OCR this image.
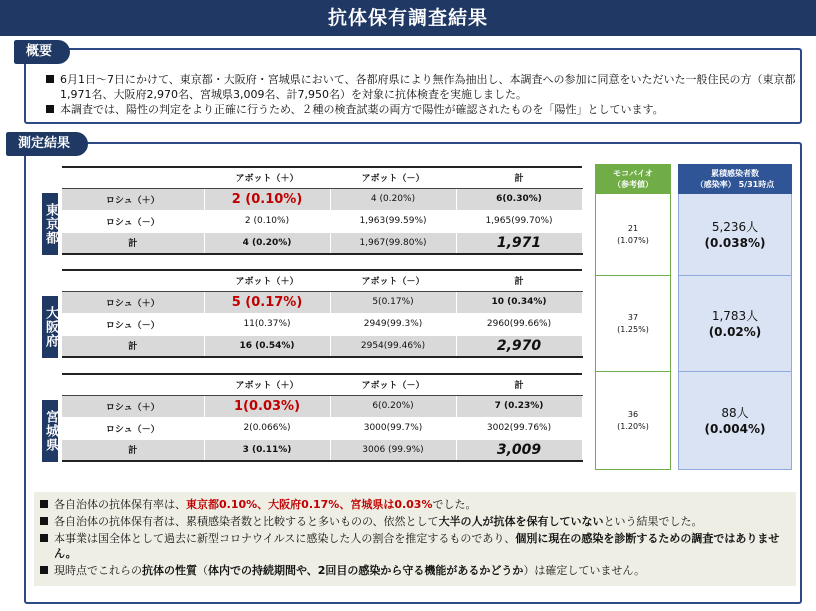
抗体保有調査結果
概要
6月1日～7日にかけて、東京都・大阪府・宮城県において、各都府県により無作為抽出し、本調査への参加に同意をいただいた一般住民の方（東京都1,971名、大阪府2,970名、宮城県3,009名、計7,950名）を対象に抗体検査を実施しました。
本調査では、陽性の判定をより正確に行うため、２種の検査試薬の両方で陽性が確認されたものを「陽性」としています。
測定結果
東京都
	アボット（＋）	アボット（－）	計
ロシュ（＋）	2 (0.10%)	4 (0.20%)	6(0.30%)
ロシュ（－）	2 (0.10%)	1,963(99.59%)	1,965(99.70%)
計	4 (0.20%)	1,967(99.80%)	1,971
大阪府
	アボット（＋）	アボット（－）	計
ロシュ（＋）	5 (0.17%)	5(0.17%)	10 (0.34%)
ロシュ（－）	11(0.37%)	2949(99.3%)	2960(99.66%)
計	16 (0.54%)	2954(99.46%)	2,970
宮城県
	アボット（＋）	アボット（－）	計
ロシュ（＋）	1(0.03%)	6(0.20%)	7 (0.23%)
ロシュ（－）	2(0.066%)	3000(99.7%)	3002(99.76%)
計	3 (0.11%)	3006 (99.9%)	3,009
モコバイオ
（参考値）
21
(1.07%)
37
(1.25%)
36
(1.20%)
累積感染者数
（感染率） 5/31時点
5,236人
(0.038%)
1,783人
(0.02%)
88人
(0.004%)
各自治体の抗体保有率は、東京都0.10%、大阪府0.17%、宮城県は0.03%でした。
各自治体の抗体保有者は、累積感染者数と比較すると多いものの、依然として大半の人が抗体を保有していないという結果でした。
本事業は国全体として過去に新型コロナウイルスに感染した人の割合を推定するものであり、個別に現在の感染を診断するための調査ではありません。
現時点でこれらの抗体の性質（体内での持続期間や、2回目の感染から守る機能があるかどうか）は確定していません。
